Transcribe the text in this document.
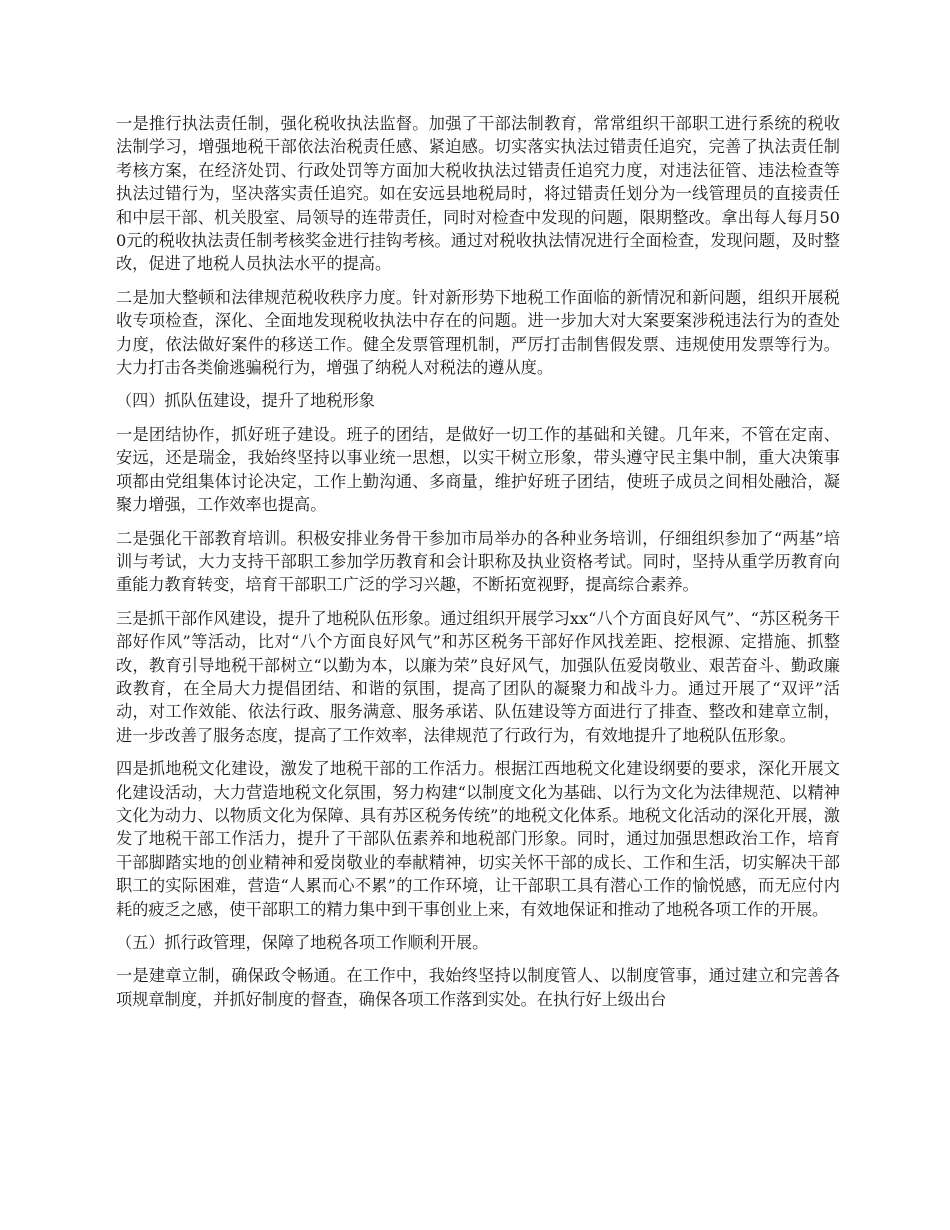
一是推行执法责任制，强化税收执法监督。加强了干部法制教育，常常组织干部职工进行系统的税收法制学习，增强地税干部依法治税责任感、紧迫感。切实落实执法过错责任追究，完善了执法责任制考核方案，在经济处罚、行政处罚等方面加大税收执法过错责任追究力度，对违法征管、违法检查等执法过错行为，坚决落实责任追究。如在安远县地税局时，将过错责任划分为一线管理员的直接责任和中层干部、机关股室、局领导的连带责任，同时对检查中发现的问题，限期整改。拿出每人每月500元的税收执法责任制考核奖金进行挂钩考核。通过对税收执法情况进行全面检查，发现问题，及时整改，促进了地税人员执法水平的提高。

二是加大整顿和法律规范税收秩序力度。针对新形势下地税工作面临的新情况和新问题，组织开展税收专项检查，深化、全面地发现税收执法中存在的问题。进一步加大对大案要案涉税违法行为的查处力度，依法做好案件的移送工作。健全发票管理机制，严厉打击制售假发票、违规使用发票等行为。大力打击各类偷逃骗税行为，增强了纳税人对税法的遵从度。

（四）抓队伍建设，提升了地税形象

一是团结协作，抓好班子建设。班子的团结，是做好一切工作的基础和关键。几年来，不管在定南、安远，还是瑞金，我始终坚持以事业统一思想，以实干树立形象，带头遵守民主集中制，重大决策事项都由党组集体讨论决定，工作上勤沟通、多商量，维护好班子团结，使班子成员之间相处融洽，凝聚力增强，工作效率也提高。

二是强化干部教育培训。积极安排业务骨干参加市局举办的各种业务培训，仔细组织参加了“两基”培训与考试，大力支持干部职工参加学历教育和会计职称及执业资格考试。同时，坚持从重学历教育向重能力教育转变，培育干部职工广泛的学习兴趣，不断拓宽视野，提高综合素养。

三是抓干部作风建设，提升了地税队伍形象。通过组织开展学习xx“八个方面良好风气”、“苏区税务干部好作风”等活动，比对“八个方面良好风气”和苏区税务干部好作风找差距、挖根源、定措施、抓整改，教育引导地税干部树立“以勤为本，以廉为荣”良好风气，加强队伍爱岗敬业、艰苦奋斗、勤政廉政教育，在全局大力提倡团结、和谐的氛围，提高了团队的凝聚力和战斗力。通过开展了“双评”活动，对工作效能、依法行政、服务满意、服务承诺、队伍建设等方面进行了排查、整改和建章立制，进一步改善了服务态度，提高了工作效率，法律规范了行政行为，有效地提升了地税队伍形象。

四是抓地税文化建设，激发了地税干部的工作活力。根据江西地税文化建设纲要的要求，深化开展文化建设活动，大力营造地税文化氛围，努力构建“以制度文化为基础、以行为文化为法律规范、以精神文化为动力、以物质文化为保障、具有苏区税务传统”的地税文化体系。地税文化活动的深化开展，激发了地税干部工作活力，提升了干部队伍素养和地税部门形象。同时，通过加强思想政治工作，培育干部脚踏实地的创业精神和爱岗敬业的奉献精神，切实关怀干部的成长、工作和生活，切实解决干部职工的实际困难，营造“人累而心不累”的工作环境，让干部职工具有潜心工作的愉悦感，而无应付内耗的疲乏之感，使干部职工的精力集中到干事创业上来，有效地保证和推动了地税各项工作的开展。

（五）抓行政管理，保障了地税各项工作顺利开展。

一是建章立制，确保政令畅通。在工作中，我始终坚持以制度管人、以制度管事，通过建立和完善各项规章制度，并抓好制度的督查，确保各项工作落到实处。在执行好上级出台
